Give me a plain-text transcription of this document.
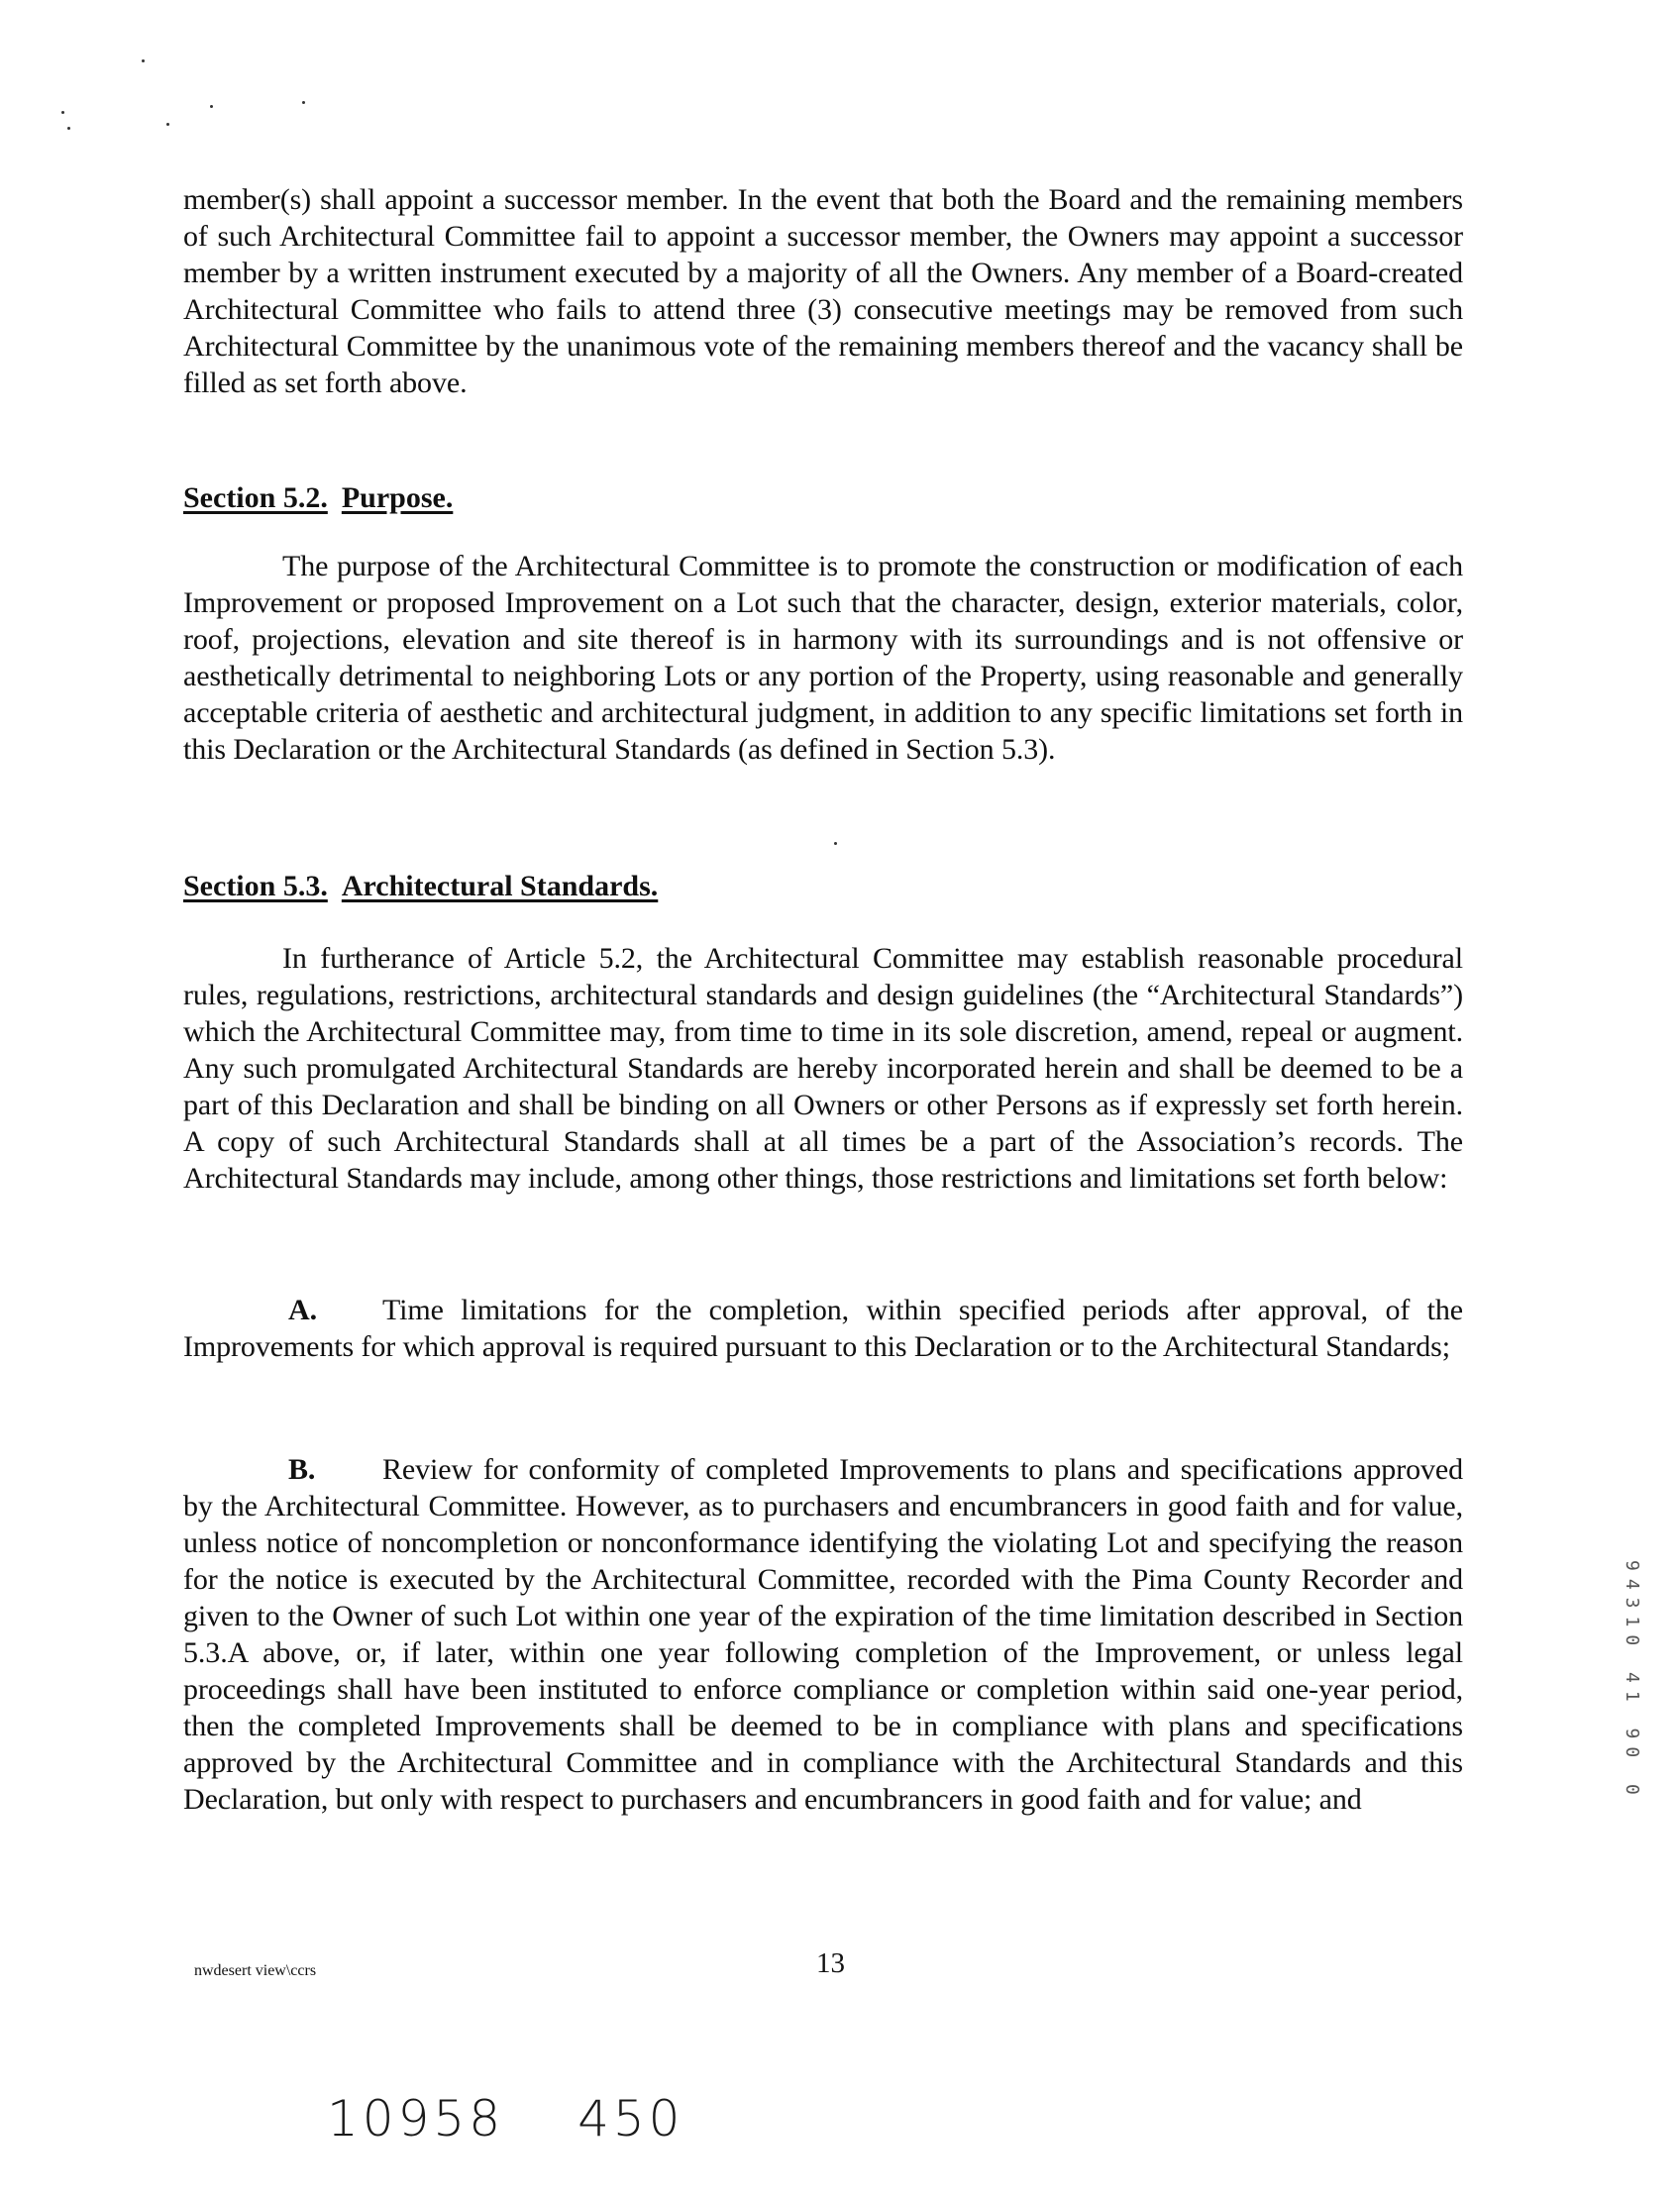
member(s) shall appoint a successor member. In the event that both the Board and the remaining members of such Architectural Committee fail to appoint a successor member, the Owners may appoint a successor member by a written instrument executed by a majority of all the Owners. Any member of a Board-created Architectural Committee who fails to attend three (3) consecutive meetings may be removed from such Architectural Committee by the unanimous vote of the remaining members thereof and the vacancy shall be filled as set forth above.

Section 5.2. Purpose.

The purpose of the Architectural Committee is to promote the construction or modification of each Improvement or proposed Improvement on a Lot such that the character, design, exterior materials, color, roof, projections, elevation and site thereof is in harmony with its surroundings and is not offensive or aesthetically detrimental to neighboring Lots or any portion of the Property, using reasonable and generally acceptable criteria of aesthetic and architectural judgment, in addition to any specific limitations set forth in this Declaration or the Architectural Standards (as defined in Section 5.3).

Section 5.3. Architectural Standards.

In furtherance of Article 5.2, the Architectural Committee may establish reasonable procedural rules, regulations, restrictions, architectural standards and design guidelines (the “Architectural Standards”) which the Architectural Committee may, from time to time in its sole discretion, amend, repeal or augment. Any such promulgated Architectural Standards are hereby incorporated herein and shall be deemed to be a part of this Declaration and shall be binding on all Owners or other Persons as if expressly set forth herein. A copy of such Architectural Standards shall at all times be a part of the Association’s records. The Architectural Standards may include, among other things, those restrictions and limitations set forth below:

A. Time limitations for the completion, within specified periods after approval, of the Improvements for which approval is required pursuant to this Declaration or to the Architectural Standards;

B. Review for conformity of completed Improvements to plans and specifications approved by the Architectural Committee. However, as to purchasers and encumbrancers in good faith and for value, unless notice of noncompletion or nonconformance identifying the violating Lot and specifying the reason for the notice is executed by the Architectural Committee, recorded with the Pima County Recorder and given to the Owner of such Lot within one year of the expiration of the time limitation described in Section 5.3.A above, or, if later, within one year following completion of the Improvement, or unless legal proceedings shall have been instituted to enforce compliance or completion within said one-year period, then the completed Improvements shall be deemed to be in compliance with plans and specifications approved by the Architectural Committee and in compliance with the Architectural Standards and this Declaration, but only with respect to purchasers and encumbrancers in good faith and for value; and	94310 41 90 0
nwdesert view\ccrs	13
10958 450
